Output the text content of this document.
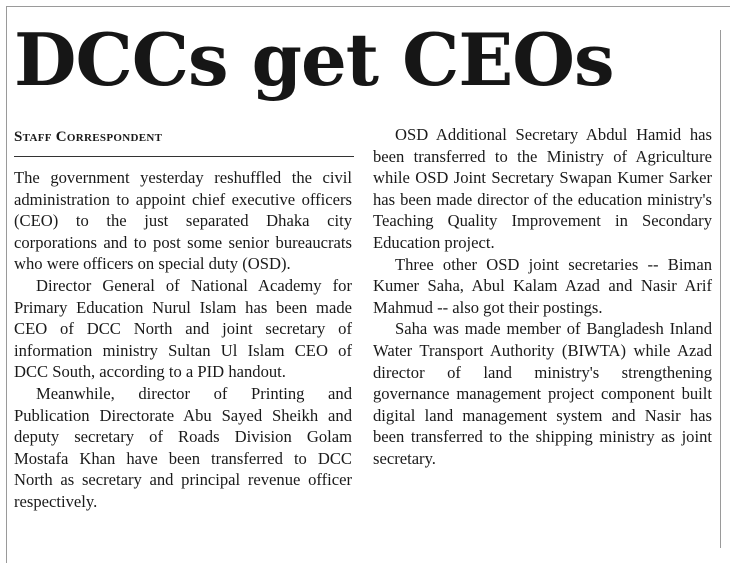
DCCs get CEOs
Staff Correspondent

The government yesterday reshuffled the civil administration to appoint chief executive officers (CEO) to the just separated Dhaka city corporations and to post some senior bureaucrats who were officers on special duty (OSD).

Director General of National Academy for Primary Education Nurul Islam has been made CEO of DCC North and joint secretary of information ministry Sultan Ul Islam CEO of DCC South, according to a PID handout.

Meanwhile, director of Printing and Publication Directorate Abu Sayed Sheikh and deputy secretary of Roads Division Golam Mostafa Khan have been transferred to DCC North as secretary and principal revenue officer respectively.

OSD Additional Secretary Abdul Hamid has been transferred to the Ministry of Agriculture while OSD Joint Secretary Swapan Kumer Sarker has been made director of the education ministry's Teaching Quality Improvement in Secondary Education project.

Three other OSD joint secretaries -- Biman Kumer Saha, Abul Kalam Azad and Nasir Arif Mahmud -- also got their postings.

Saha was made member of Bangladesh Inland Water Transport Authority (BIWTA) while Azad director of land ministry's strengthening governance management project component built digital land management system and Nasir has been transferred to the shipping ministry as joint secretary.
